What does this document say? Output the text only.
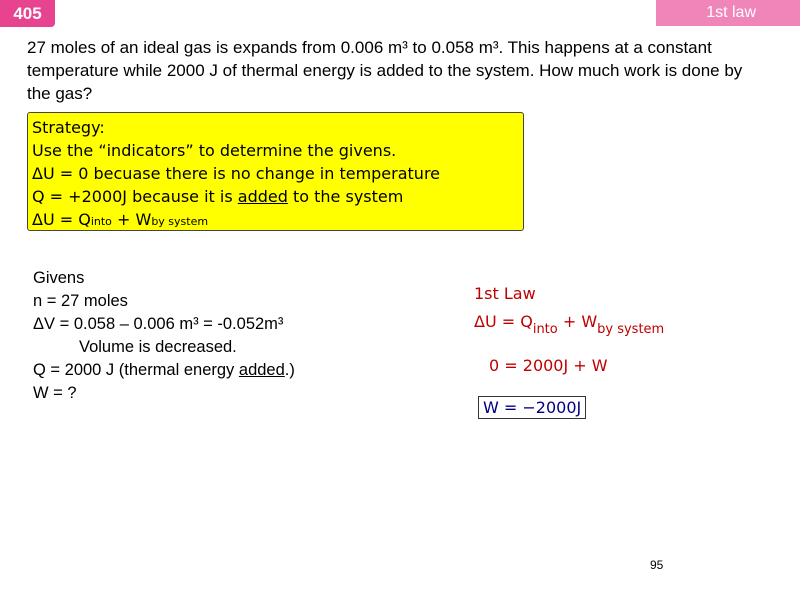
405	1st law

27 moles of an ideal gas is expands from 0.006 m³ to 0.058 m³. This happens at a constant temperature while 2000 J of thermal energy is added to the system. How much work is done by the gas?

Strategy:
Use the “indicators” to determine the givens.
ΔU = 0 becuase there is no change in temperature
Q = +2000J because it is added to the system
ΔU = Qinto + Wby system
Givens
n = 27 moles
ΔV = 0.058 – 0.006 m³ = -0.052m³
Volume is decreased.
Q = 2000 J (thermal energy added.)
W = ?
1st Law
$\Delta U = Q_{into} + W_{by system}$
0 = 2000J + W
W = −2000J
95
